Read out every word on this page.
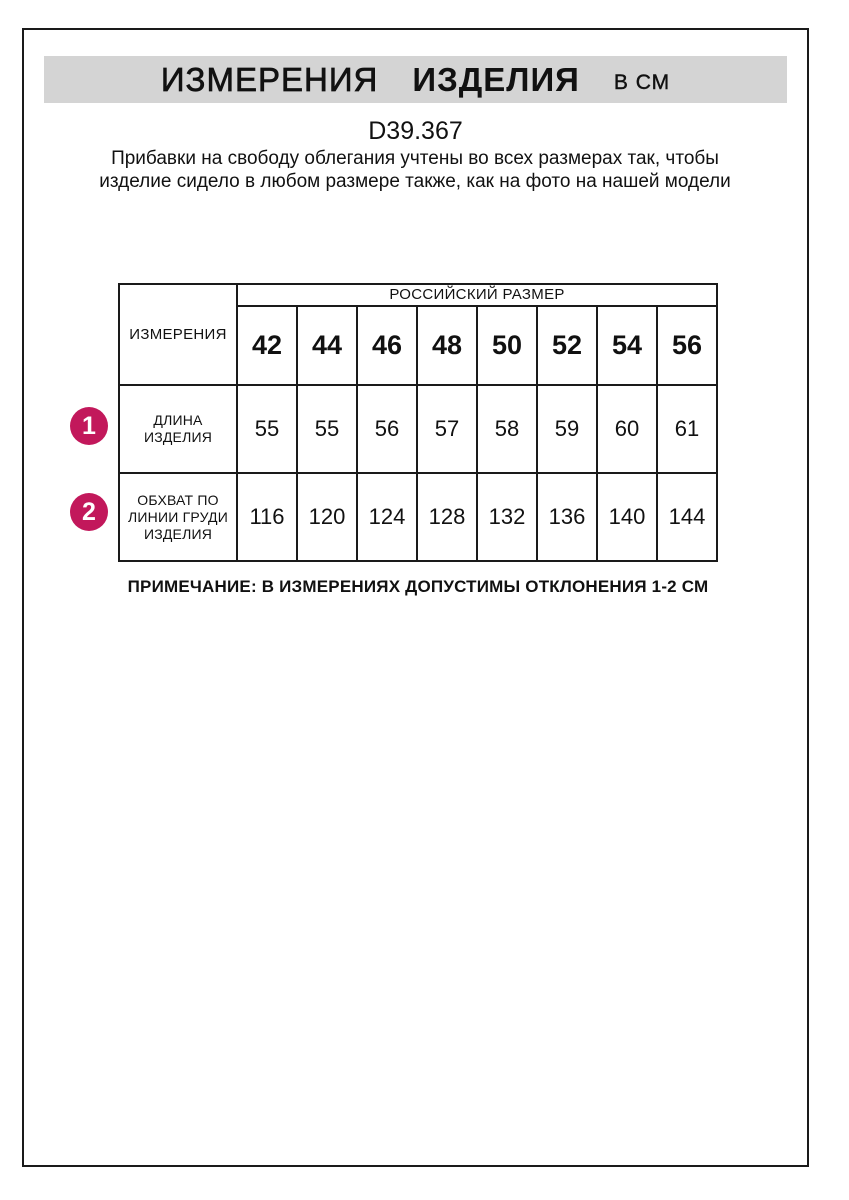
ИЗМЕРЕНИЯ ИЗДЕЛИЯ В СМ
D39.367
Прибавки на свободу облегания учтены во всех размерах так, чтобы изделие сидело в любом размере также, как на фото на нашей модели
ИЗМЕРЕНИЯ	РОССИЙСКИЙ РАЗМЕР							
	42	44	46	48	50	52	54	56
ДЛИНА ИЗДЕЛИЯ	55	55	56	57	58	59	60	61
ОБХВАТ ПО ЛИНИИ ГРУДИ ИЗДЕЛИЯ	116	120	124	128	132	136	140	144
1
2
ПРИМЕЧАНИЕ: В ИЗМЕРЕНИЯХ ДОПУСТИМЫ ОТКЛОНЕНИЯ 1-2 СМ
